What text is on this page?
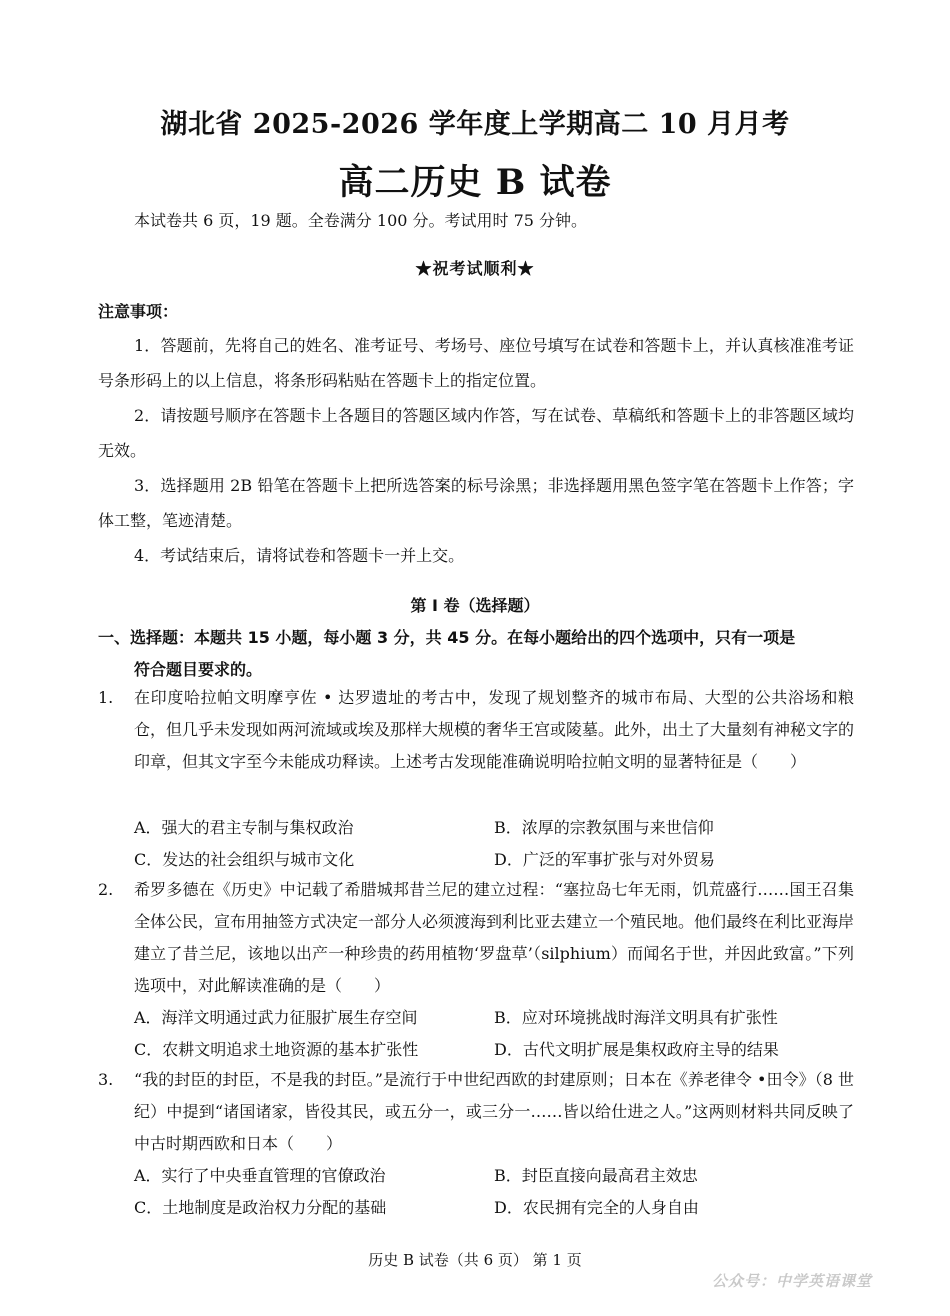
湖北省 2025-2026 学年度上学期高二 10 月月考
高二历史 B 试卷
本试卷共 6 页，19 题。全卷满分 100 分。考试用时 75 分钟。
★祝考试顺利★
注意事项：
1．答题前，先将自己的姓名、准考证号、考场号、座位号填写在试卷和答题卡上，并认真核准准考证号条形码上的以上信息，将条形码粘贴在答题卡上的指定位置。
2．请按题号顺序在答题卡上各题目的答题区域内作答，写在试卷、草稿纸和答题卡上的非答题区域均无效。
3．选择题用 2B 铅笔在答题卡上把所选答案的标号涂黑；非选择题用黑色签字笔在答题卡上作答；字体工整，笔迹清楚。
4．考试结束后，请将试卷和答题卡一并上交。
第 I 卷（选择题）
一、选择题：本题共 15 小题，每小题 3 分，共 45 分。在每小题给出的四个选项中，只有一项是
符合题目要求的。
1. 在印度哈拉帕文明摩亨佐 • 达罗遗址的考古中，发现了规划整齐的城市布局、大型的公共浴场和粮仓，但几乎未发现如两河流域或埃及那样大规模的奢华王宫或陵墓。此外，出土了大量刻有神秘文字的印章，但其文字至今未能成功释读。上述考古发现能准确说明哈拉帕文明的显著特征是（　　）
A．强大的君主专制与集权政治	B．浓厚的宗教氛围与来世信仰
C．发达的社会组织与城市文化	D．广泛的军事扩张与对外贸易
2. 希罗多德在《历史》中记载了希腊城邦昔兰尼的建立过程：“塞拉岛七年无雨，饥荒盛行……国王召集全体公民，宣布用抽签方式决定一部分人必须渡海到利比亚去建立一个殖民地。他们最终在利比亚海岸建立了昔兰尼，该地以出产一种珍贵的药用植物‘罗盘草’（silphium）而闻名于世，并因此致富。”下列选项中，对此解读准确的是（　　）
A．海洋文明通过武力征服扩展生存空间	B．应对环境挑战时海洋文明具有扩张性
C．农耕文明追求土地资源的基本扩张性	D．古代文明扩展是集权政府主导的结果
3. “我的封臣的封臣，不是我的封臣。”是流行于中世纪西欧的封建原则；日本在《养老律令 •田令》（8 世纪）中提到“诸国诸家，皆役其民，或五分一，或三分一……皆以给仕进之人。”这两则材料共同反映了中古时期西欧和日本（　　）
A．实行了中央垂直管理的官僚政治	B．封臣直接向最高君主效忠
C．土地制度是政治权力分配的基础	D．农民拥有完全的人身自由
历史 B 试卷（共 6 页） 第 1 页
公众号：中学英语课堂
